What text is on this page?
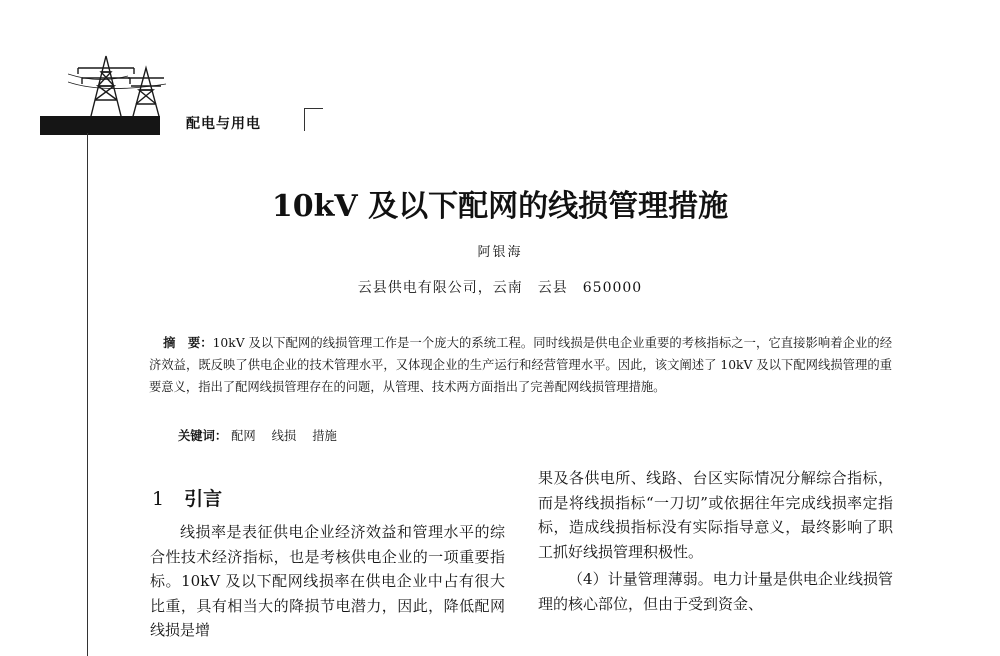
配电与用电
10kV 及以下配网的线损管理措施
阿银海
云县供电有限公司，云南　云县　650000
摘　要：10kV 及以下配网的线损管理工作是一个庞大的系统工程。同时线损是供电企业重要的考核指标之一，它直接影响着企业的经济效益，既反映了供电企业的技术管理水平，又体现企业的生产运行和经营管理水平。因此，该文阐述了 10kV 及以下配网线损管理的重要意义，指出了配网线损管理存在的问题，从管理、技术两方面指出了完善配网线损管理措施。
关键词： 配网 线损 措施
1 引言

线损率是表征供电企业经济效益和管理水平的综合性技术经济指标，也是考核供电企业的一项重要指标。10kV 及以下配网线损率在供电企业中占有很大比重，具有相当大的降损节电潜力，因此，降低配网线损是增

果及各供电所、线路、台区实际情况分解综合指标，而是将线损指标“一刀切”或依据往年完成线损率定指标，造成线损指标没有实际指导意义，最终影响了职工抓好线损管理积极性。

（4）计量管理薄弱。电力计量是供电企业线损管理的核心部位，但由于受到资金、
